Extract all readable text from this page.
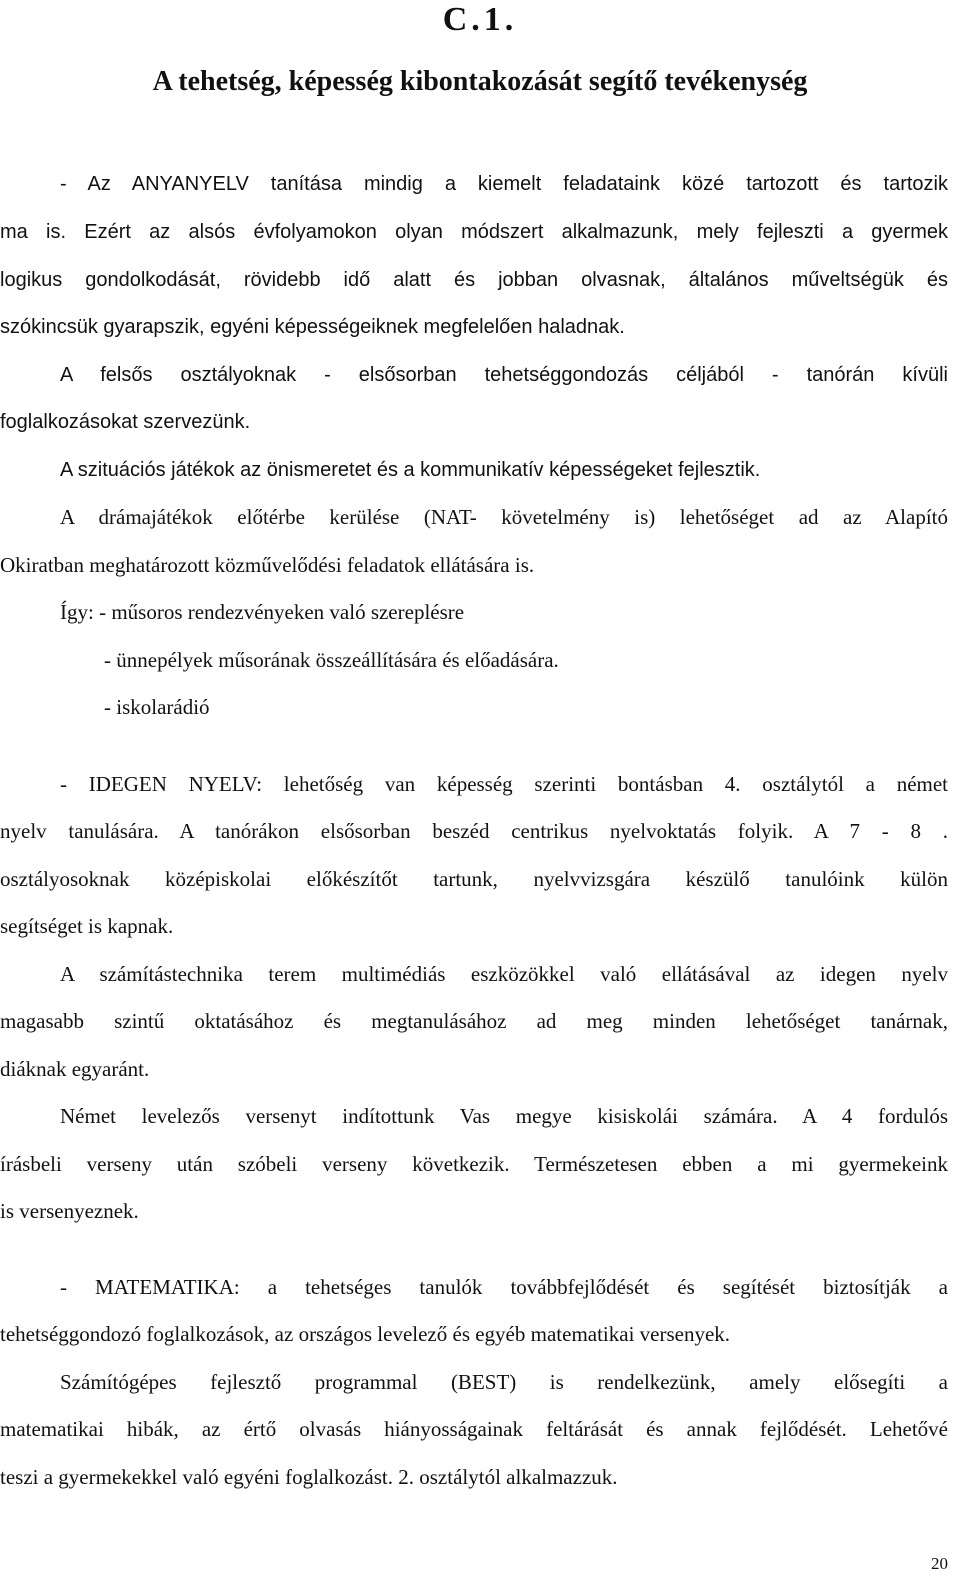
C.1.
A tehetség, képesség kibontakozását segítő tevékenység

- Az ANYANYELV tanítása mindig a kiemelt feladataink közé tartozott és tartozik

ma is. Ezért az alsós évfolyamokon olyan módszert alkalmazunk, mely fejleszti a gyermek

logikus gondolkodását, rövidebb idő alatt és jobban olvasnak, általános műveltségük és

szókincsük gyarapszik, egyéni képességeiknek megfelelően haladnak.

A felsős osztályoknak - elsősorban tehetséggondozás céljából - tanórán kívüli

foglalkozásokat szervezünk.

A szituációs játékok az önismeretet és a kommunikatív képességeket fejlesztik.

A drámajátékok előtérbe kerülése (NAT- követelmény is) lehetőséget ad az Alapító

Okiratban meghatározott közművelődési feladatok ellátására is.

Így: - műsoros rendezvényeken való szereplésre

- ünnepélyek műsorának összeállítására és előadására.

- iskolarádió

- IDEGEN NYELV: lehetőség van képesség szerinti bontásban 4. osztálytól a német

nyelv tanulására. A tanórákon elsősorban beszéd centrikus nyelvoktatás folyik. A 7 - 8 .

osztályosoknak középiskolai előkészítőt tartunk, nyelvvizsgára készülő tanulóink külön

segítséget is kapnak.

A számítástechnika terem multimédiás eszközökkel való ellátásával az idegen nyelv

magasabb szintű oktatásához és megtanulásához ad meg minden lehetőséget tanárnak,

diáknak egyaránt.

Német levelezős versenyt indítottunk Vas megye kisiskolái számára. A 4 fordulós

írásbeli verseny után szóbeli verseny következik. Természetesen ebben a mi gyermekeink

is versenyeznek.

- MATEMATIKA: a tehetséges tanulók továbbfejlődését és segítését biztosítják a

tehetséggondozó foglalkozások, az országos levelező és egyéb matematikai versenyek.

Számítógépes fejlesztő programmal (BEST) is rendelkezünk, amely elősegíti a

matematikai hibák, az értő olvasás hiányosságainak feltárását és annak fejlődését. Lehetővé

teszi a gyermekekkel való egyéni foglalkozást. 2. osztálytól alkalmazzuk.

20
